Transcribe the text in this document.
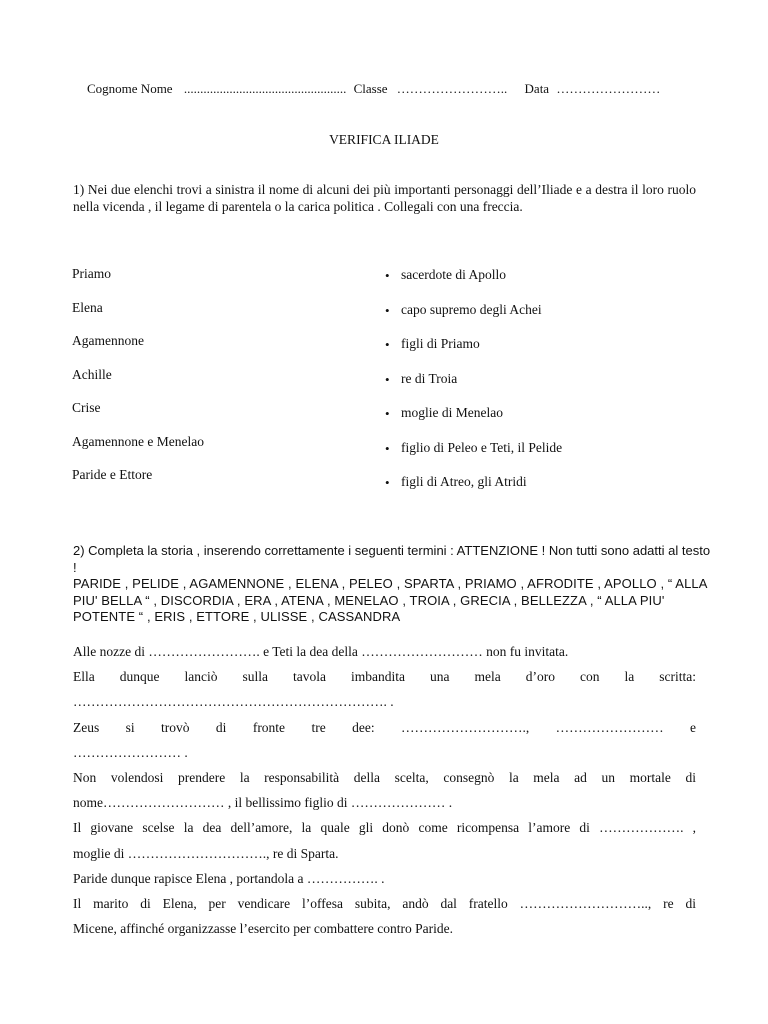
Cognome Nome .................................................. Classe …………………….. Data ……………………
VERIFICA ILIADE
1) Nei due elenchi trovi a sinistra il nome di alcuni dei più importanti personaggi dell’Iliade e a destra il loro ruolo nella vicenda , il legame di parentela o la carica politica . Collegali con una freccia.
Priamo
Elena
Agamennone
Achille
Crise
Agamennone e Menelao
Paride e Ettore
• sacerdote di Apollo
• capo supremo degli Achei
• figli di Priamo
• re di Troia
• moglie di Menelao
• figlio di Peleo e Teti, il Pelide
• figli di Atreo, gli Atridi
2) Completa la storia , inserendo correttamente i seguenti termini : ATTENZIONE ! Non tutti sono adatti al testo !
PARIDE , PELIDE , AGAMENNONE , ELENA , PELEO , SPARTA , PRIAMO , AFRODITE , APOLLO , “ ALLA PIU' BELLA “ , DISCORDIA , ERA , ATENA , MENELAO , TROIA , GRECIA , BELLEZZA , “ ALLA PIU' POTENTE “ , ERIS , ETTORE , ULISSE , CASSANDRA
Alle nozze di ……………………. e Teti la dea della ……………………… non fu invitata.
Ella dunque lanciò sulla tavola imbandita una mela d’oro con la scritta:
……………………………………………………………. .
Zeus si trovò di fronte tre dee: ………………………., …………………… e
…………………… .
Non volendosi prendere la responsabilità della scelta, consegnò la mela ad un mortale di
nome……………………… , il bellissimo figlio di ………………… .
Il giovane scelse la dea dell’amore, la quale gli donò come ricompensa l’amore di ………………. ,
moglie di …………………………., re di Sparta.
Paride dunque rapisce Elena , portandola a ……………. .
Il marito di Elena, per vendicare l’offesa subita, andò dal fratello ……………………….., re di
Micene, affinché organizzasse l’esercito per combattere contro Paride.
